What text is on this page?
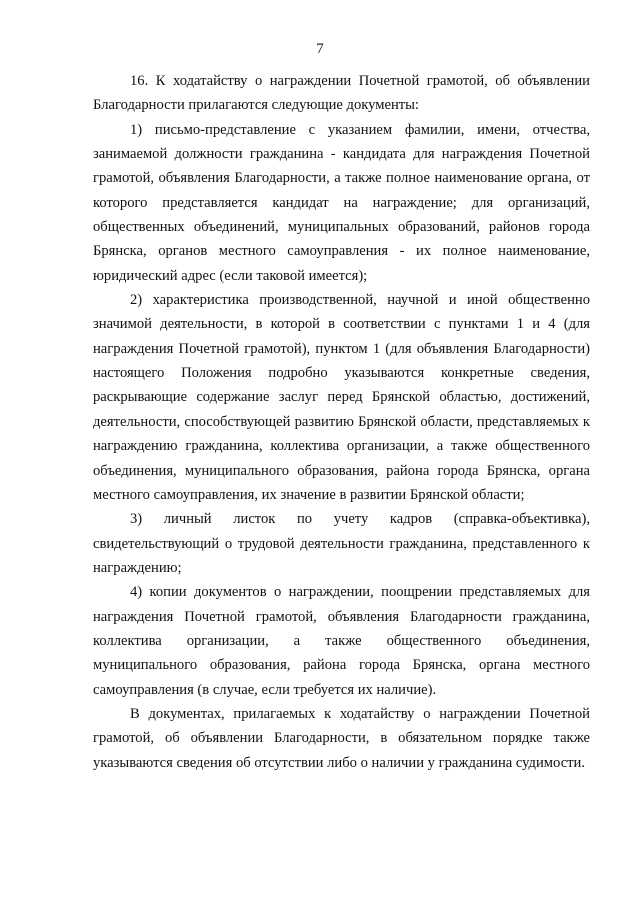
7

16. К ходатайству о награждении Почетной грамотой, об объявлении Благодарности прилагаются следующие документы:

1) письмо-представление с указанием фамилии, имени, отчества, занимаемой должности гражданина - кандидата для награждения Почетной грамотой, объявления Благодарности, а также полное наименование органа, от которого представляется кандидат на награждение; для организаций, общественных объединений, муниципальных образований, районов города Брянска, органов местного самоуправления - их полное наименование, юридический адрес (если таковой имеется);

2) характеристика производственной, научной и иной общественно значимой деятельности, в которой в соответствии с пунктами 1 и 4 (для награждения Почетной грамотой), пунктом 1 (для объявления Благодарности) настоящего Положения подробно указываются конкретные сведения, раскрывающие содержание заслуг перед Брянской областью, достижений, деятельности, способствующей развитию Брянской области, представляемых к награждению гражданина, коллектива организации, а также общественного объединения, муниципального образования, района города Брянска, органа местного самоуправления, их значение в развитии Брянской области;

3) личный листок по учету кадров (справка-объективка), свидетельствующий о трудовой деятельности гражданина, представленного к награждению;

4) копии документов о награждении, поощрении представляемых для награждения Почетной грамотой, объявления Благодарности гражданина, коллектива организации, а также общественного объединения, муниципального образования, района города Брянска, органа местного самоуправления (в случае, если требуется их наличие).

В документах, прилагаемых к ходатайству о награждении Почетной грамотой, об объявлении Благодарности, в обязательном порядке также указываются сведения об отсутствии либо о наличии у гражданина судимости.
